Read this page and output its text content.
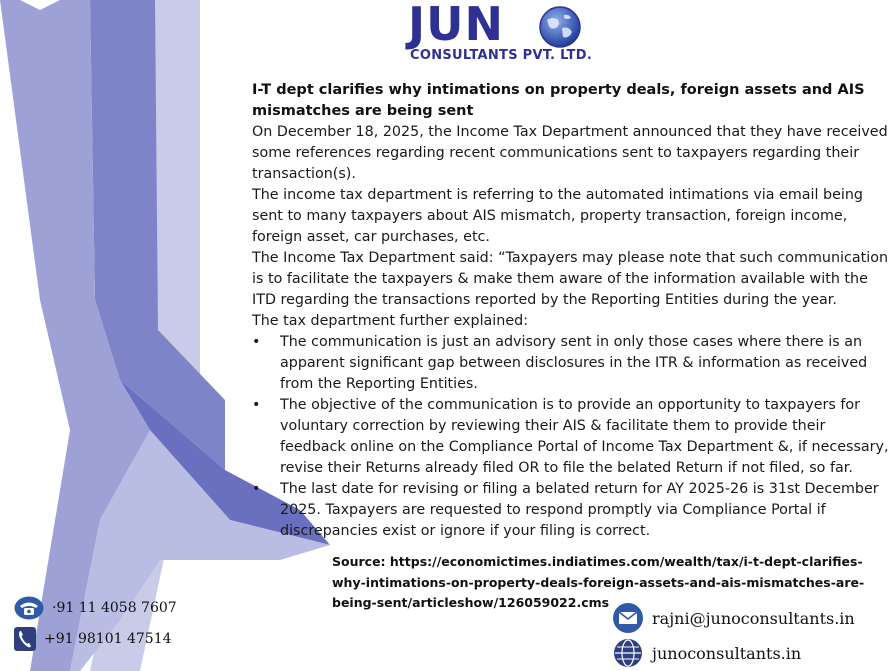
JUN
CONSULTANTS PVT. LTD.

I-T dept clarifies why intimations on property deals, foreign assets and AIS mismatches are being sent

On December 18, 2025, the Income Tax Department announced that they have received some references regarding recent communications sent to taxpayers regarding their transaction(s).

The income tax department is referring to the automated intimations via email being sent to many taxpayers about AIS mismatch, property transaction, foreign income, foreign asset, car purchases, etc.

The Income Tax Department said: “Taxpayers may please note that such communication is to facilitate the taxpayers & make them aware of the information available with the ITD regarding the transactions reported by the Reporting Entities during the year.

The tax department further explained:

• The communication is just an advisory sent in only those cases where there is an apparent significant gap between disclosures in the ITR & information as received from the Reporting Entities.
• The objective of the communication is to provide an opportunity to taxpayers for voluntary correction by reviewing their AIS & facilitate them to provide their feedback online on the Compliance Portal of Income Tax Department &, if necessary, revise their Returns already filed OR to file the belated Return if not filed, so far.
• The last date for revising or filing a belated return for AY 2025-26 is 31st December 2025. Taxpayers are requested to respond promptly via Compliance Portal if discrepancies exist or ignore if your filing is correct.
Source: https://economictimes.indiatimes.com/wealth/tax/i-t-dept-clarifies-why-intimations-on-property-deals-foreign-assets-and-ais-mismatches-are-being-sent/articleshow/126059022.cms
·91 11 4058 7607
+91 98101 47514
rajni@junoconsultants.in
junoconsultants.in
